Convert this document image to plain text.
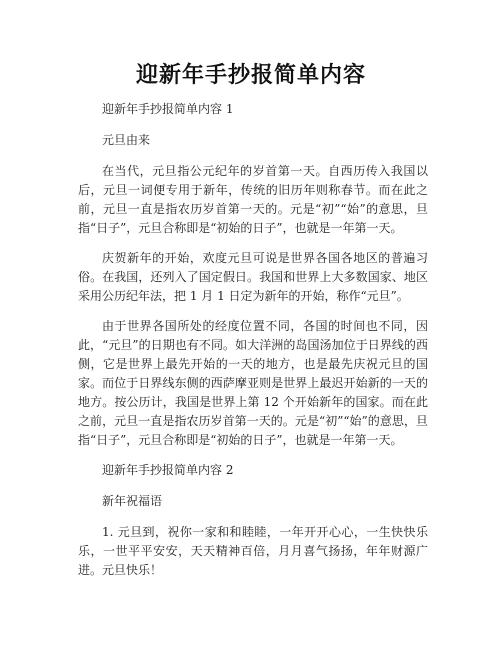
迎新年手抄报简单内容

迎新年手抄报简单内容 1

元旦由来

在当代，元旦指公元纪年的岁首第一天。自西历传入我国以后，元旦一词便专用于新年，传统的旧历年则称春节。而在此之前，元旦一直是指农历岁首第一天的。元是“初”“始”的意思，旦指“日子”，元旦合称即是“初始的日子”，也就是一年第一天。

庆贺新年的开始，欢度元旦可说是世界各国各地区的普遍习俗。在我国，还列入了国定假日。我国和世界上大多数国家、地区采用公历纪年法，把 1 月 1 日定为新年的开始，称作“元旦”。

由于世界各国所处的经度位置不同，各国的时间也不同，因此，“元旦”的日期也有不同。如大洋洲的岛国汤加位于日界线的西侧，它是世界上最先开始的一天的地方，也是最先庆祝元旦的国家。而位于日界线东侧的西萨摩亚则是世界上最迟开始新的一天的地方。按公历计，我国是世界上第 12 个开始新年的国家。而在此之前，元旦一直是指农历岁首第一天的。元是“初”“始”的意思，旦指“日子”，元旦合称即是“初始的日子”，也就是一年第一天。

迎新年手抄报简单内容 2

新年祝福语

1. 元旦到，祝你一家和和睦睦，一年开开心心，一生快快乐乐，一世平平安安，天天精神百倍，月月喜气扬扬，年年财源广进。元旦快乐！
